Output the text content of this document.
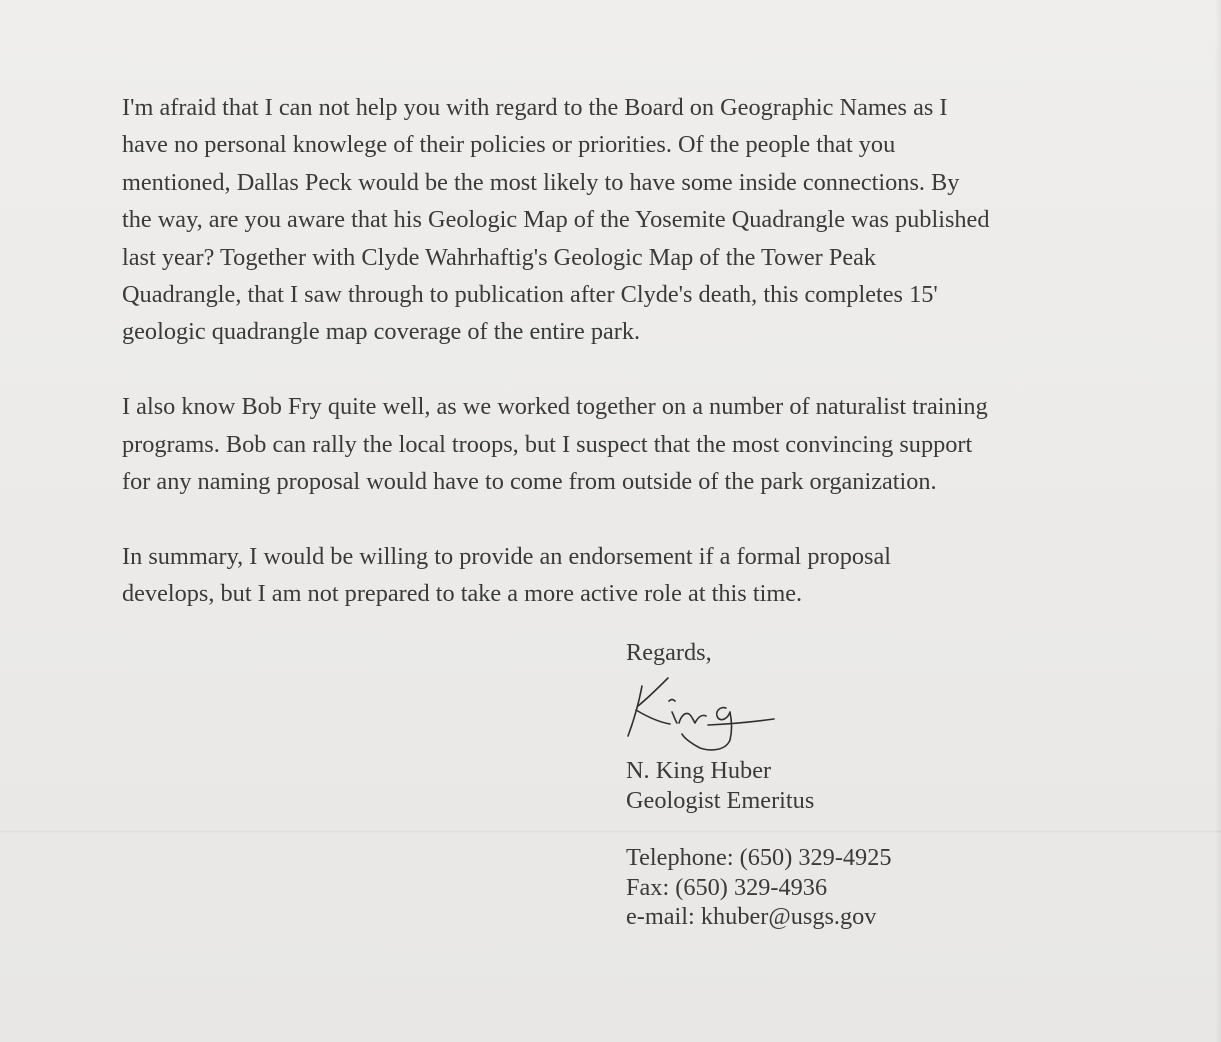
I'm afraid that I can not help you with regard to the Board on Geographic Names as I
have no personal knowlege of their policies or priorities. Of the people that you
mentioned, Dallas Peck would be the most likely to have some inside connections. By
the way, are you aware that his Geologic Map of the Yosemite Quadrangle was published
last year? Together with Clyde Wahrhaftig's Geologic Map of the Tower Peak
Quadrangle, that I saw through to publication after Clyde's death, this completes 15'
geologic quadrangle map coverage of the entire park.
I also know Bob Fry quite well, as we worked together on a number of naturalist training
programs. Bob can rally the local troops, but I suspect that the most convincing support
for any naming proposal would have to come from outside of the park organization.
In summary, I would be willing to provide an endorsement if a formal proposal
develops, but I am not prepared to take a more active role at this time.
Regards,
N. King Huber
Geologist Emeritus
Telephone: (650) 329-4925
Fax: (650) 329-4936
e-mail: khuber@usgs.gov
